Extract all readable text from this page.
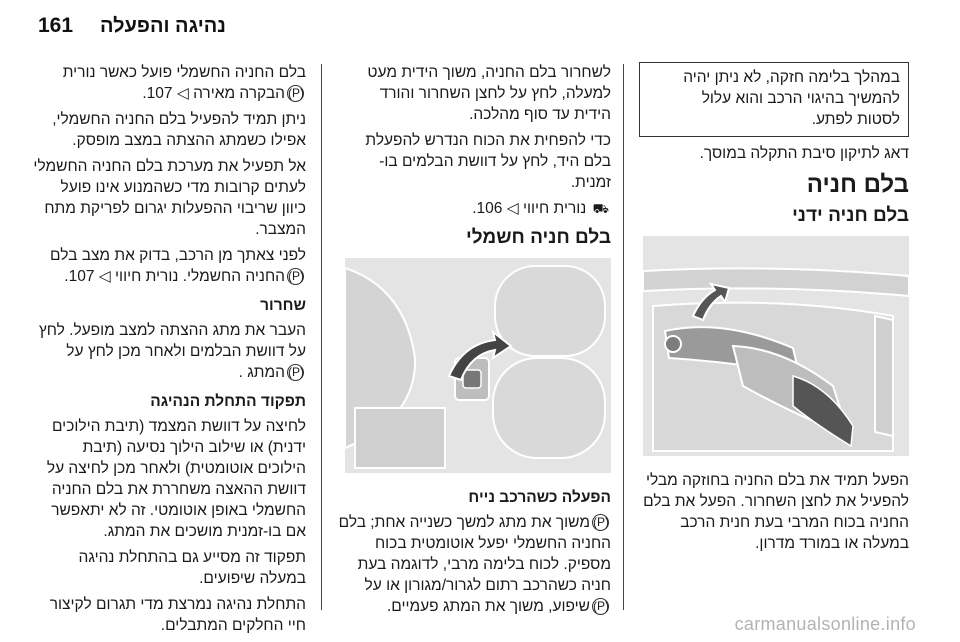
161 נהיגה והפעלה
במהלך בלימה חזקה, לא ניתן יהיה
להמשיך בהיגוי הרכב והוא עלול
לסטות לפתע.

דאג לתיקון סיבת התקלה במוסך.

בלם חניה
בלם חניה ידני

הפעל תמיד את בלם החניה בחוזקה מבלי
להפעיל את לחצן השחרור. הפעל את בלם
החניה בכוח המרבי בעת חנית הרכב
במעלה או במורד מדרון.

לשחרור בלם החניה, משוך הידית מעט
למעלה, לחץ על לחצן השחרור והורד
הידית עד סוף מהלכה.

כדי להפחית את הכוח הנדרש להפעלת
בלם היד, לחץ על דוושת הבלמים בו-
זמנית.

⛟ נורית חיווי ◁ 106.

בלם חניה חשמלי
הפעלה כשהרכב נייח

(P)משוך את מתג למשך כשנייה אחת; בלם
החניה החשמלי יפעל אוטומטית בכוח
מספיק. לכוח בלימה מרבי, לדוגמה בעת
חניה כשהרכב רתום לגרור/מגורון או על
(P)שיפוע, משוך את המתג פעמיים.

בלם החניה החשמלי פועל כאשר נורית
(P)הבקרה מאירה ◁ 107.

ניתן תמיד להפעיל בלם החניה החשמלי,
אפילו כשמתג ההצתה במצב מופסק.

אל תפעיל את מערכת בלם החניה החשמלי
לעתים קרובות מדי כשהמנוע אינו פועל
כיוון שריבוי ההפעלות יגרום לפריקת מתח
המצבר.

לפני צאתך מן הרכב, בדוק את מצב בלם
(P)החניה החשמלי. נורית חיווי ◁ 107.

שחרור

העבר את מתג ההצתה למצב מופעל. לחץ
על דוושת הבלמים ולאחר מכן לחץ על
(P)המתג .

תפקוד התחלת הנהיגה

לחיצה על דוושת המצמד (תיבת הילוכים
ידנית) או שילוב הילוך נסיעה (תיבת
הילוכים אוטומטית) ולאחר מכן לחיצה על
דוושת ההאצה משחררת את בלם החניה
החשמלי באופן אוטומטי. זה לא יתאפשר
אם בו-זמנית מושכים את המתג.

תפקוד זה מסייע גם בהתחלת נהיגה
במעלה שיפועים.

התחלת נהיגה נמרצת מדי תגרום לקיצור
חיי החלקים המתבלים.	carmanualsonline.info
